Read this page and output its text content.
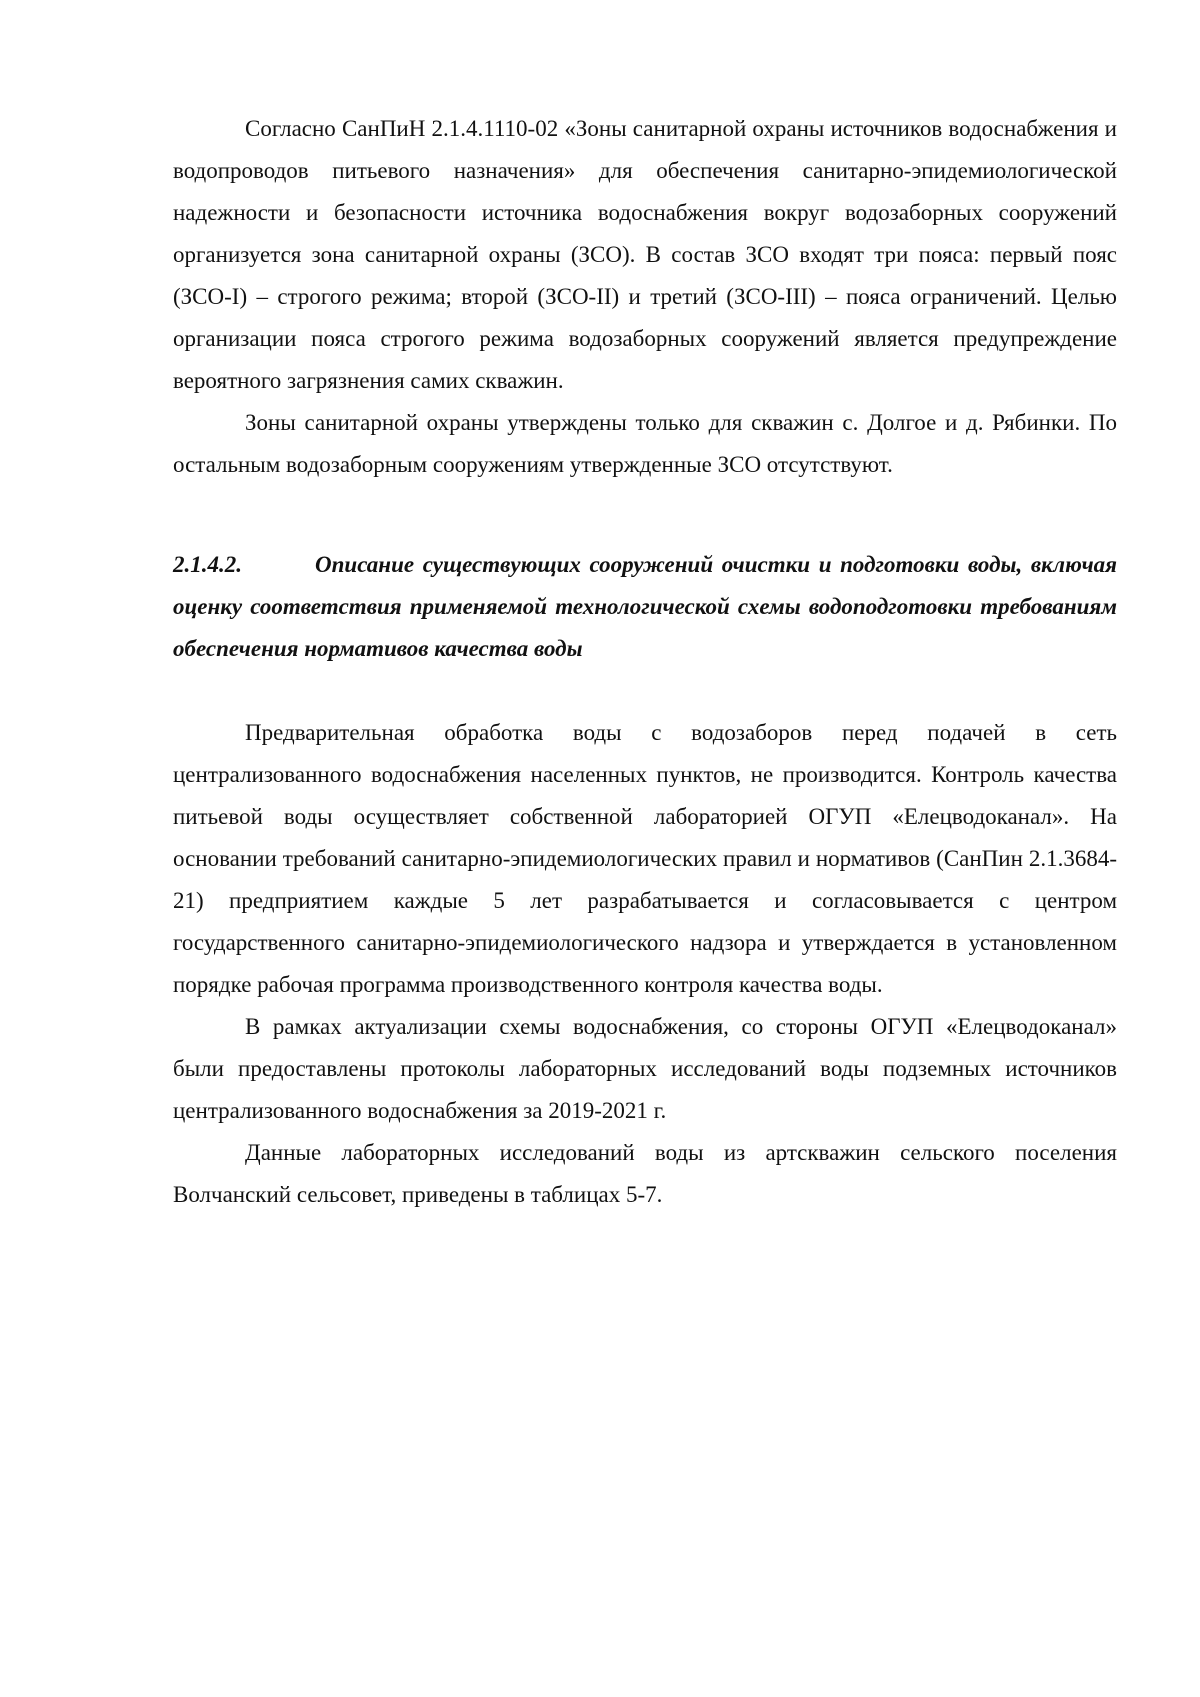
Согласно СанПиН 2.1.4.1110-02 «Зоны санитарной охраны источников водоснабжения и водопроводов питьевого назначения» для обеспечения санитарно-эпидемиологической надежности и безопасности источника водоснабжения вокруг водозаборных сооружений организуется зона санитарной охраны (ЗСО). В состав ЗСО входят три пояса: первый пояс (ЗСО-I) – строгого режима; второй (ЗСО-II) и третий (ЗСО-III) – пояса ограничений. Целью организации пояса строгого режима водозаборных сооружений является предупреждение вероятного загрязнения самих скважин.

Зоны санитарной охраны утверждены только для скважин с. Долгое и д. Рябинки. По остальным водозаборным сооружениям утвержденные ЗСО отсутствуют.

2.1.4.2.	Описание существующих сооружений очистки и подготовки воды, включая оценку соответствия применяемой технологической схемы водоподготовки требованиям обеспечения нормативов качества воды

Предварительная обработка воды с водозаборов перед подачей в сеть централизованного водоснабжения населенных пунктов, не производится. Контроль качества питьевой воды осуществляет собственной лабораторией ОГУП «Елецводоканал». На основании требований санитарно-эпидемиологических правил и нормативов (СанПин 2.1.3684-21) предприятием каждые 5 лет разрабатывается и согласовывается с центром государственного санитарно-эпидемиологического надзора и утверждается в установленном порядке рабочая программа производственного контроля качества воды.

В рамках актуализации схемы водоснабжения, со стороны ОГУП «Елецводоканал» были предоставлены протоколы лабораторных исследований воды подземных источников централизованного водоснабжения за 2019-2021 г.

Данные лабораторных исследований воды из артскважин сельского поселения Волчанский сельсовет, приведены в таблицах 5-7.
